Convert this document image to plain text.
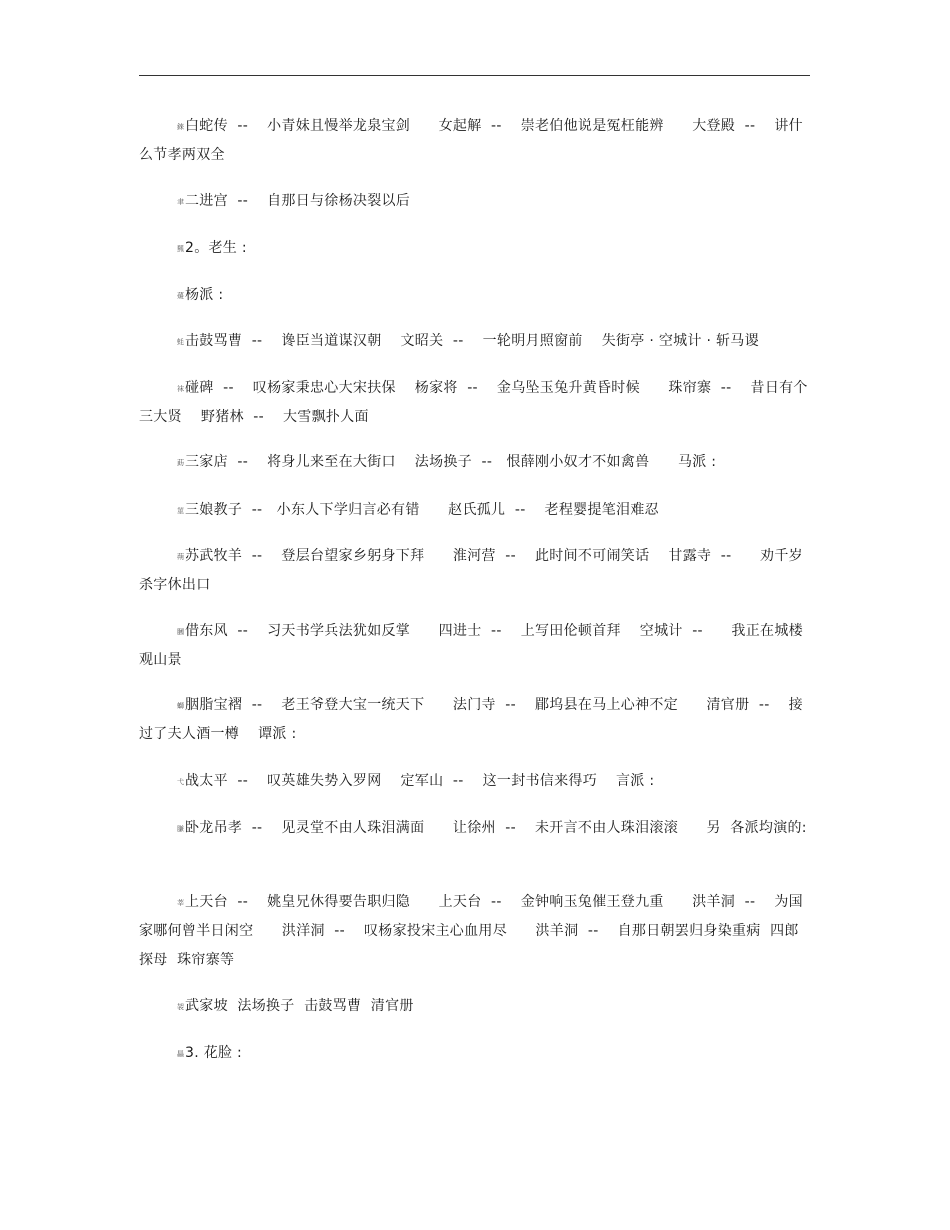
錸白蛇传  --    小青妹且慢举龙泉宝剑      女起解  --    崇老伯他说是冤枉能辨      大登殿  --    讲什么节孝两双全

聿二进宫  --    自那日与徐杨决裂以后

羆2。老生 :

蕿杨派 :

蚝击鼓骂曹  --    谗臣当道谋汉朝    文昭关  --    一轮明月照窗前    失街亭 · 空城计 · 斩马谡

袜碰碑  --    叹杨家秉忠心大宋扶保    杨家将  --    金乌坠玉兔升黄昏时候      珠帘寨  --    昔日有个三大贤    野猪林  --    大雪飘扑人面

莇三家店  --    将身儿来至在大街口    法场换子  --   恨薛刚小奴才不如禽兽      马派 :

莁三娘教子  --   小东人下学归言必有错      赵氏孤儿  --    老程婴提笔泪难忍

蒴苏武牧羊  --    登层台望家乡躬身下拜      淮河营  --    此时间不可闹笑话    甘露寺  --      劝千岁杀字休出口

膕借东风  --    习天书学兵法犹如反掌      四进士  --    上写田伦顿首拜    空城计  --      我正在城楼观山景

螄胭脂宝褶  --    老王爷登大宝一统天下      法门寺  --    郿坞县在马上心神不定      清官册  --    接过了夫人酒一樽    谭派 :

弋战太平  --    叹英雄失势入罗网    定军山  --    这一封书信来得巧    言派 :

膁卧龙吊孝  --    见灵堂不由人珠泪满面      让徐州  --    未开言不由人珠泪滚滚      另  各派均演的:

莘上天台  --    姚皇兄休得要告职归隐      上天台  --    金钟响玉兔催王登九重      洪羊洞  --    为国家哪何曾半日闲空      洪洋洞  --    叹杨家投宋主心血用尽      洪羊洞  --    自那日朝罢归身染重病  四郎探母  珠帘寨等

袈武家坡  法场换子  击鼓骂曹  清官册

螶3. 花脸 :
